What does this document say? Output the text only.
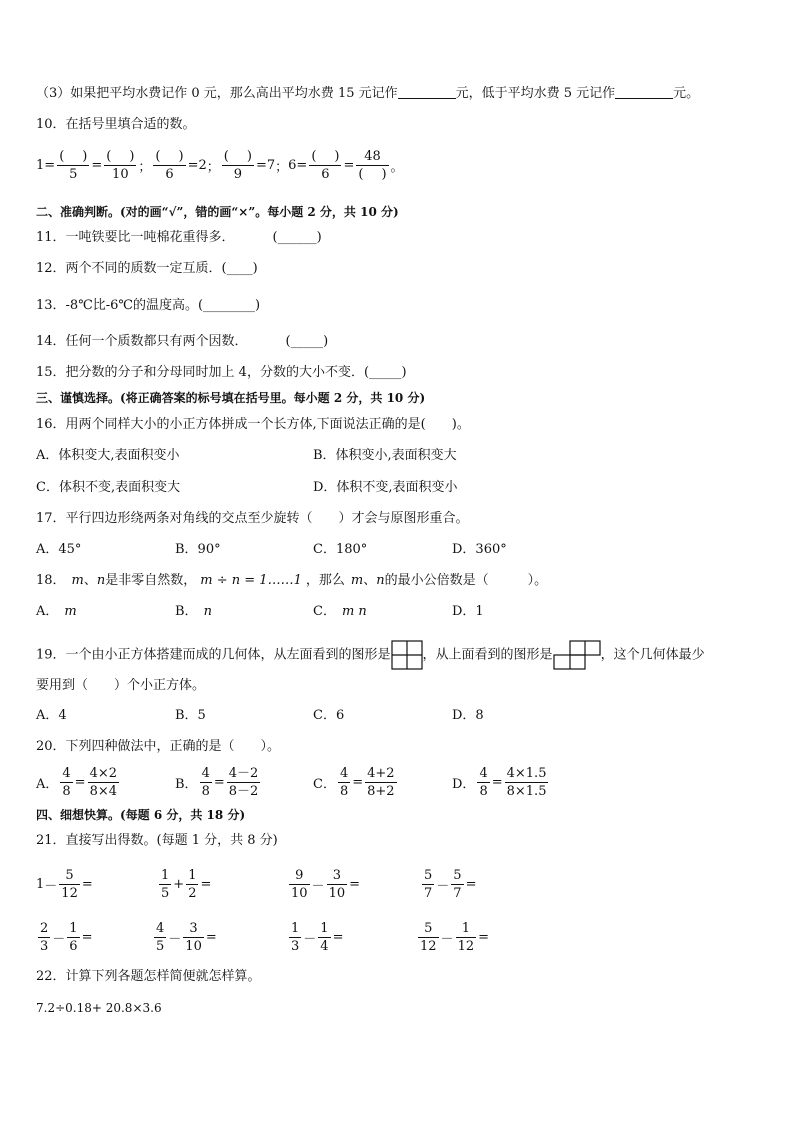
（3）如果把平均水费记作 0 元，那么高出平均水费 15 元记作	元，低于平均水费 5 元记作	元。
10．在括号里填合适的数。
$1 = \frac{( )}{5} = \frac{( )}{10}$ ； $\frac{( )}{6} = 2$ ； $\frac{( )}{9} = 7$ ； $6 = \frac{( )}{6} = \frac{48}{( )}$ 。
二、准确判断。(对的画“√”，错的画“×”。每小题 2 分，共 10 分)
11．一吨铁要比一吨棉花重得多．	(______)
12．两个不同的质数一定互质．(____)
13．-8℃比-6℃的温度高。(________)
14．任何一个质数都只有两个因数．	(_____)
15．把分数的分子和分母同时加上 4，分数的大小不变．(_____)
三、谨慎选择。(将正确答案的标号填在括号里。每小题 2 分，共 10 分)
16．用两个同样大小的小正方体拼成一个长方体,下面说法正确的是(　　)。
A．体积变大,表面积变小	B．体积变小,表面积变大
C．体积不变,表面积变大	D．体积不变,表面积变小
17．平行四边形绕两条对角线的交点至少旋转（　　）才会与原图形重合。
A．45°	B．90°	C．180°	D．360°
18． m、n是非零自然数， m ÷ n = 1……1 ，那么 m、n的最小公倍数是（　　　）。
A． m	B． n	C． m n	D．1
19．一个由小正方体搭建而成的几何体，从左面看到的图形是 ，从上面看到的图形是	，这个几何体最少
要用到（　　）个小正方体。
A．4	B．5	C．6	D．8
20．下列四种做法中，正确的是（　　）。
A． $\frac{4}{8} = \frac{4\times 2}{8\times 4}$	B． $\frac{4}{8} = \frac{4-2}{8-2}$	C． $\frac{4}{8} = \frac{4+2}{8+2}$	D． $\frac{4}{8} = \frac{4\times 1.5}{8\times 1.5}$
四、细想快算。(每题 6 分，共 18 分)
21．直接写出得数。(每题 1 分，共 8 分)
$1 - \frac{5}{12}$ =	$\frac{1}{5} + \frac{1}{2}$ =	$\frac{9}{10} - \frac{3}{10}$ =	$\frac{5}{7} - \frac{5}{7}$ =
$\frac{2}{3} - \frac{1}{6}$ =	$\frac{4}{5} - \frac{3}{10}$ =	$\frac{1}{3} - \frac{1}{4}$ =	$\frac{5}{12} - \frac{1}{12}$ =
22．计算下列各题怎样简便就怎样算。
7.2÷0.18+ 20.8×3.6
